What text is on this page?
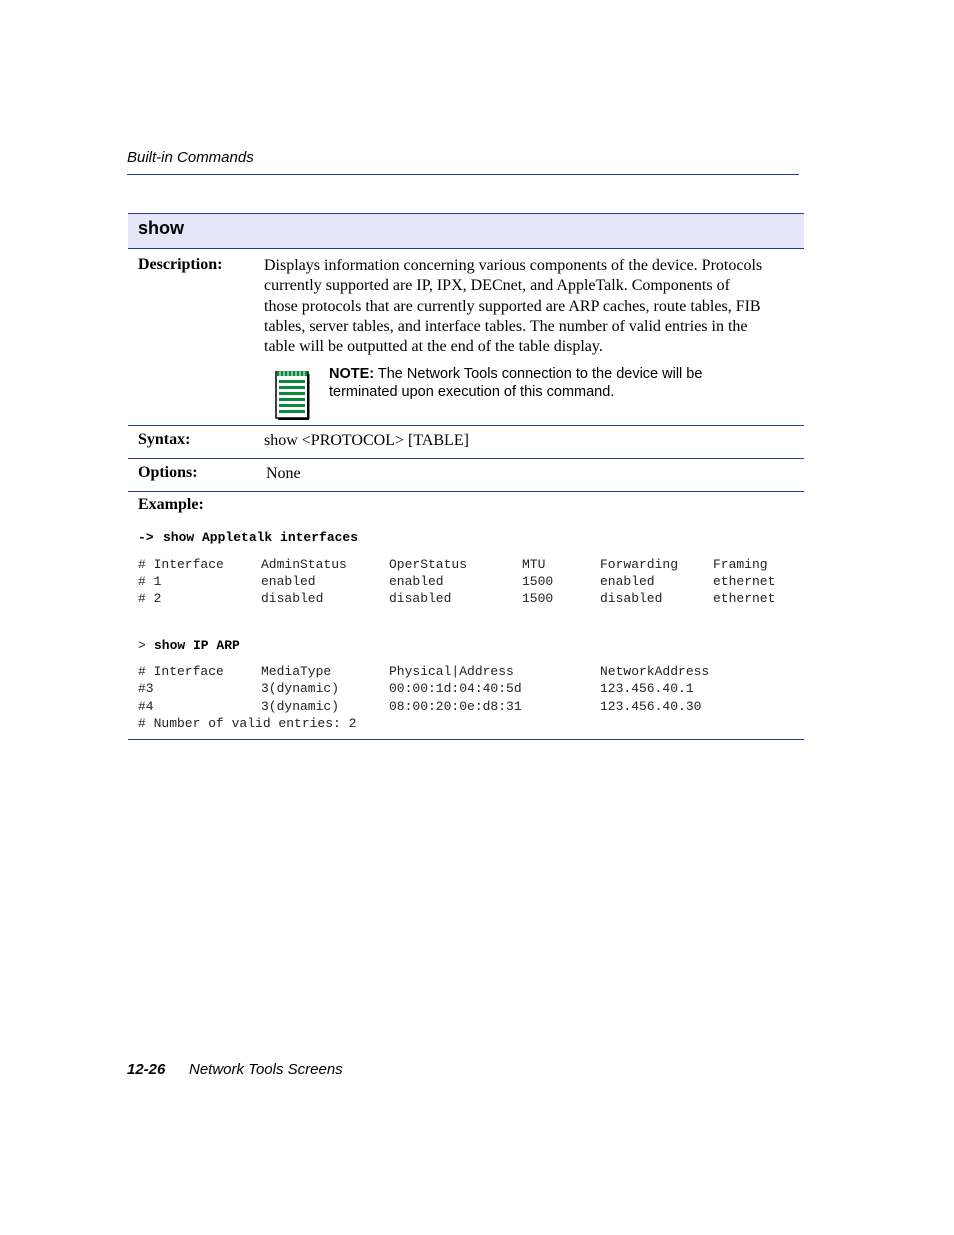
Built-in Commands
show
Description:	Displays information concerning various components of the device. Protocols
currently supported are IP, IPX, DECnet, and AppleTalk. Components of
those protocols that are currently supported are ARP caches, route tables, FIB
tables, server tables, and interface tables. The number of valid entries in the
table will be outputted at the end of the table display.
NOTE: The Network Tools connection to the device will be
terminated upon execution of this command.
Syntax:	show <PROTOCOL> [TABLE]
Options:	None
Example:
-> show Appletalk interfaces
# Interface	AdminStatus	OperStatus	MTU	Forwarding	Framing
# 1	enabled	enabled	1500	enabled	ethernet
# 2	disabled	disabled	1500	disabled	ethernet
> show IP ARP
# Interface	MediaType	Physical|Address	NetworkAddress
#3	3(dynamic)	00:00:1d:04:40:5d	123.456.40.1
#4	3(dynamic)	08:00:20:0e:d8:31	123.456.40.30
# Number of valid entries: 2
12-26 Network Tools Screens
